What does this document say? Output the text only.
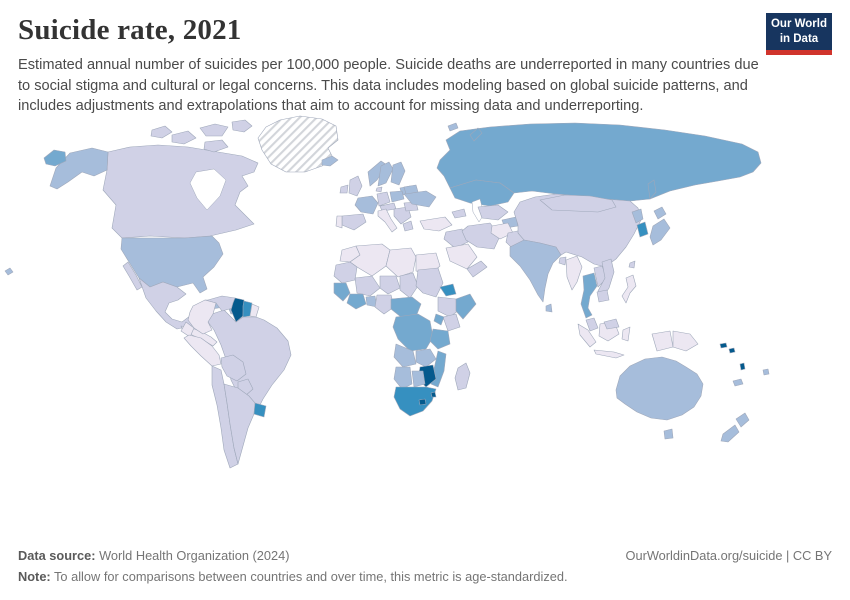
Suicide rate, 2021	Our World
in Data
Estimated annual number of suicides per 100,000 people. Suicide deaths are underreported in many countries due to social stigma and cultural or legal concerns. This data includes modeling based on global suicide patterns, and includes adjustments and extrapolations that aim to account for missing data and underreporting.
No data 0	5	10	15	20	25
Data source: World Health Organization (2024)	OurWorldinData.org/suicide | CC BY
Note: To allow for comparisons between countries and over time, this metric is age-standardized.
